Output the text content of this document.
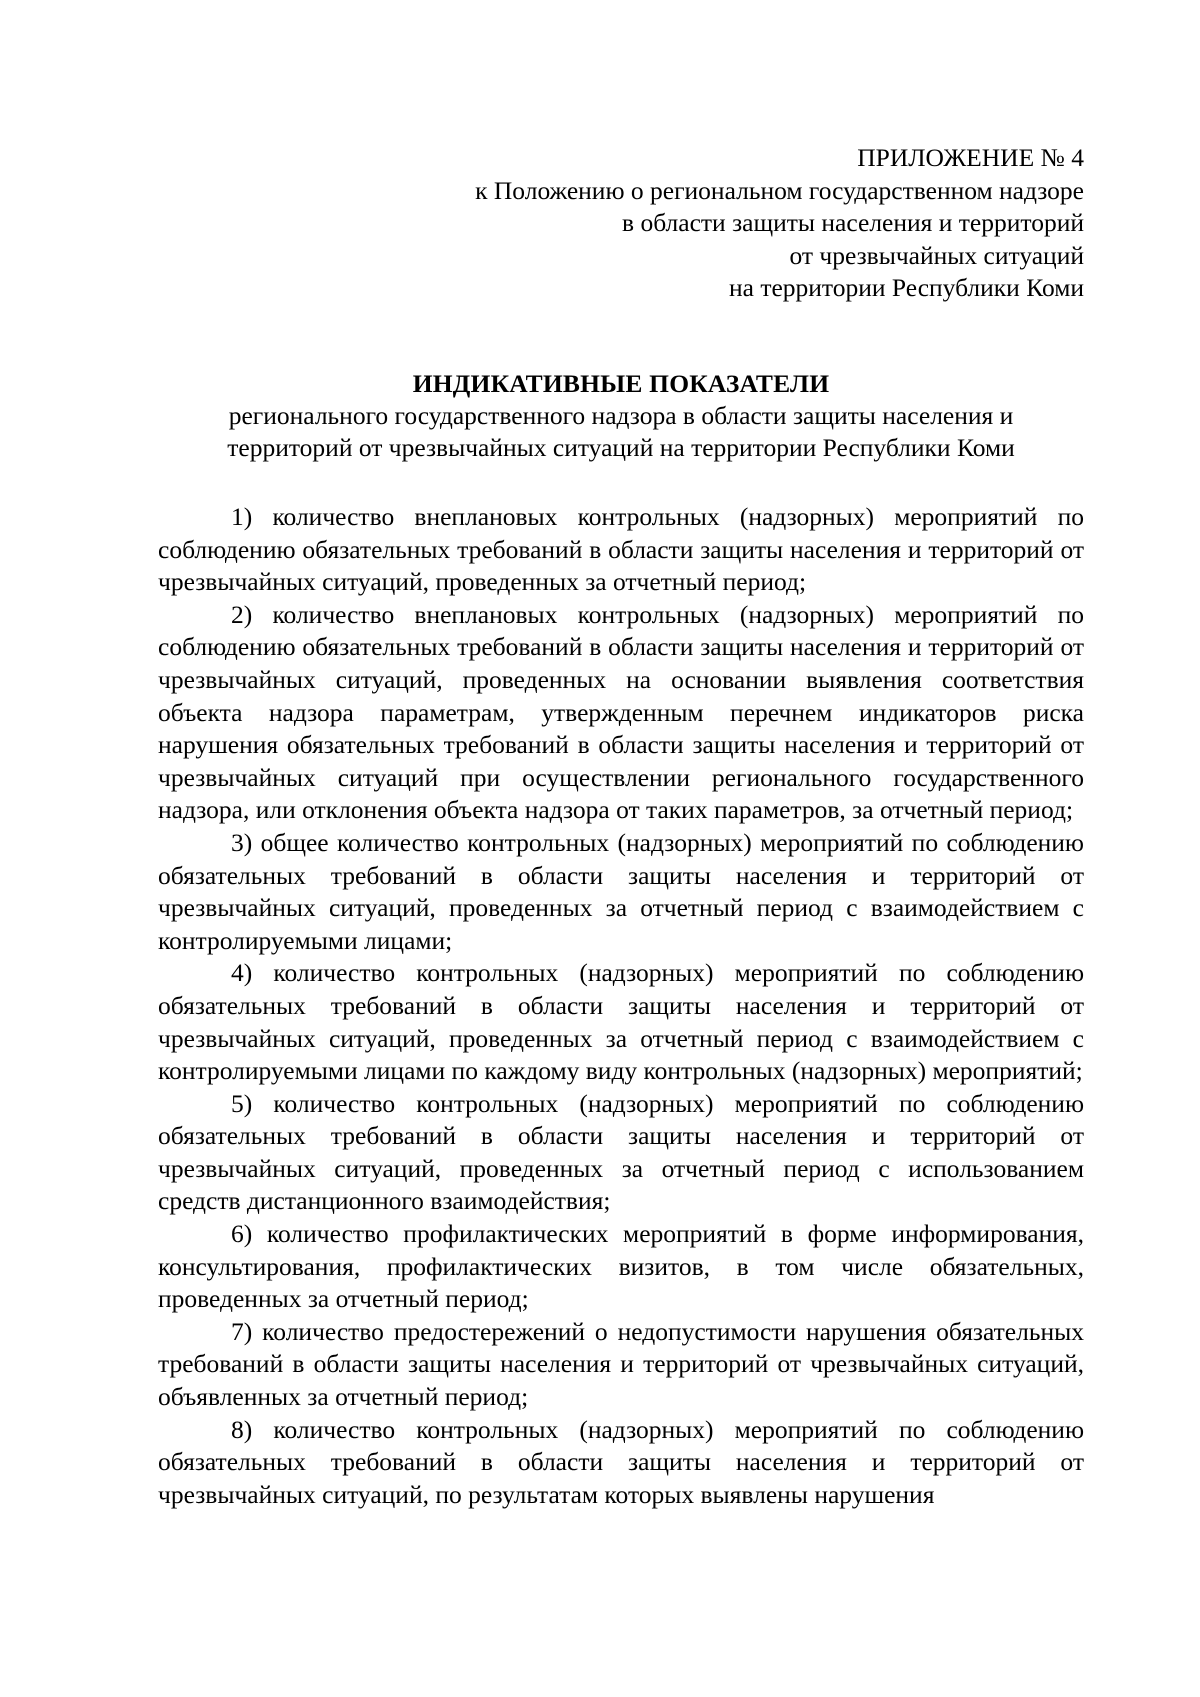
ПРИЛОЖЕНИЕ № 4
к Положению о региональном государственном надзоре
в области защиты населения и территорий
от чрезвычайных ситуаций
на территории Республики Коми
ИНДИКАТИВНЫЕ ПОКАЗАТЕЛИ
регионального государственного надзора в области защиты населения и
территорий от чрезвычайных ситуаций на территории Республики Коми

1) количество внеплановых контрольных (надзорных) мероприятий по соблюдению обязательных требований в области защиты населения и территорий от чрезвычайных ситуаций, проведенных за отчетный период;

2) количество внеплановых контрольных (надзорных) мероприятий по соблюдению обязательных требований в области защиты населения и территорий от чрезвычайных ситуаций, проведенных на основании выявления соответствия объекта надзора параметрам, утвержденным перечнем индикаторов риска нарушения обязательных требований в области защиты населения и территорий от чрезвычайных ситуаций при осуществлении регионального государственного надзора, или отклонения объекта надзора от таких параметров, за отчетный период;

3) общее количество контрольных (надзорных) мероприятий по соблюдению обязательных требований в области защиты населения и территорий от чрезвычайных ситуаций, проведенных за отчетный период с взаимодействием с контролируемыми лицами;

4) количество контрольных (надзорных) мероприятий по соблюдению обязательных требований в области защиты населения и территорий от чрезвычайных ситуаций, проведенных за отчетный период с взаимодействием с контролируемыми лицами по каждому виду контрольных (надзорных) мероприятий;

5) количество контрольных (надзорных) мероприятий по соблюдению обязательных требований в области защиты населения и территорий от чрезвычайных ситуаций, проведенных за отчетный период с использованием средств дистанционного взаимодействия;

6) количество профилактических мероприятий в форме информирования, консультирования, профилактических визитов, в том числе обязательных, проведенных за отчетный период;

7) количество предостережений о недопустимости нарушения обязательных требований в области защиты населения и территорий от чрезвычайных ситуаций, объявленных за отчетный период;

8) количество контрольных (надзорных) мероприятий по соблюдению обязательных требований в области защиты населения и территорий от чрезвычайных ситуаций, по результатам которых выявлены нарушения
